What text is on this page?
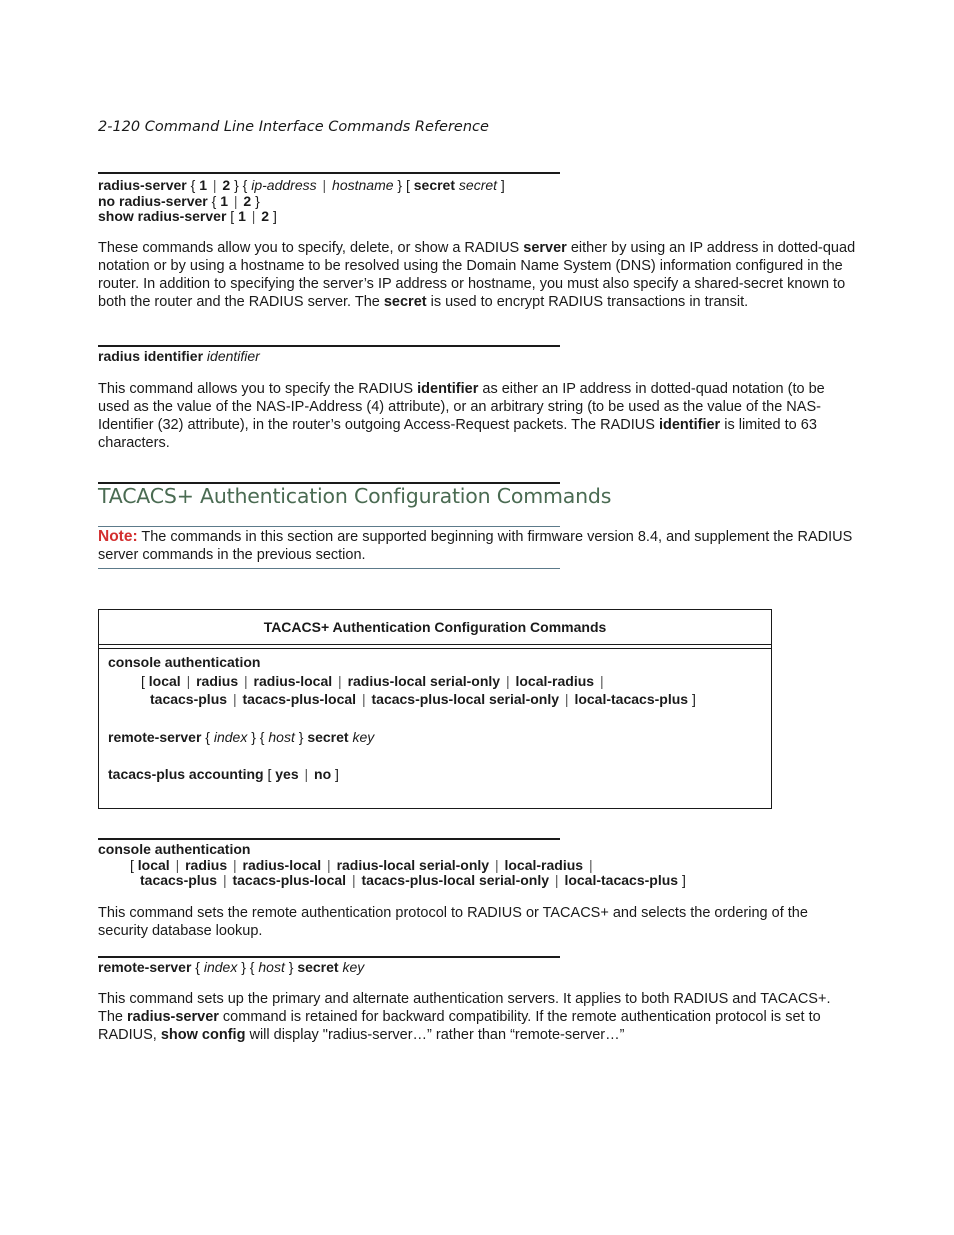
2-120 Command Line Interface Commands Reference
radius-server { 1 | 2 } { ip-address | hostname } [ secret secret ]
no radius-server { 1 | 2 }
show radius-server [ 1 | 2 ]
These commands allow you to specify, delete, or show a RADIUS server either by using an IP address in dotted-quad notation or by using a hostname to be resolved using the Domain Name System (DNS) information configured in the router. In addition to specifying the server’s IP address or hostname, you must also specify a shared-secret known to both the router and the RADIUS server. The secret is used to encrypt RADIUS transactions in transit.
radius identifier identifier
This command allows you to specify the RADIUS identifier as either an IP address in dotted-quad notation (to be used as the value of the NAS-IP-Address (4) attribute), or an arbitrary string (to be used as the value of the NAS-Identifier (32) attribute), in the router’s outgoing Access-Request packets. The RADIUS identifier is limited to 63 characters.
TACACS+ Authentication Configuration Commands
Note: The commands in this section are supported beginning with firmware version 8.4, and supplement the RADIUS server commands in the previous section.
TACACS+ Authentication Configuration Commands
console authentication
[ local | radius | radius-local | radius-local serial-only | local-radius |
tacacs-plus | tacacs-plus-local | tacacs-plus-local serial-only | local-tacacs-plus ]
remote-server { index } { host } secret key
tacacs-plus accounting [ yes | no ]
console authentication
[ local | radius | radius-local | radius-local serial-only | local-radius |
tacacs-plus | tacacs-plus-local | tacacs-plus-local serial-only | local-tacacs-plus ]
This command sets the remote authentication protocol to RADIUS or TACACS+ and selects the ordering of the security database lookup.
remote-server { index } { host } secret key
This command sets up the primary and alternate authentication servers. It applies to both RADIUS and TACACS+. The radius-server command is retained for backward compatibility. If the remote authentication protocol is set to RADIUS, show config will display "radius-server…” rather than “remote-server…”
